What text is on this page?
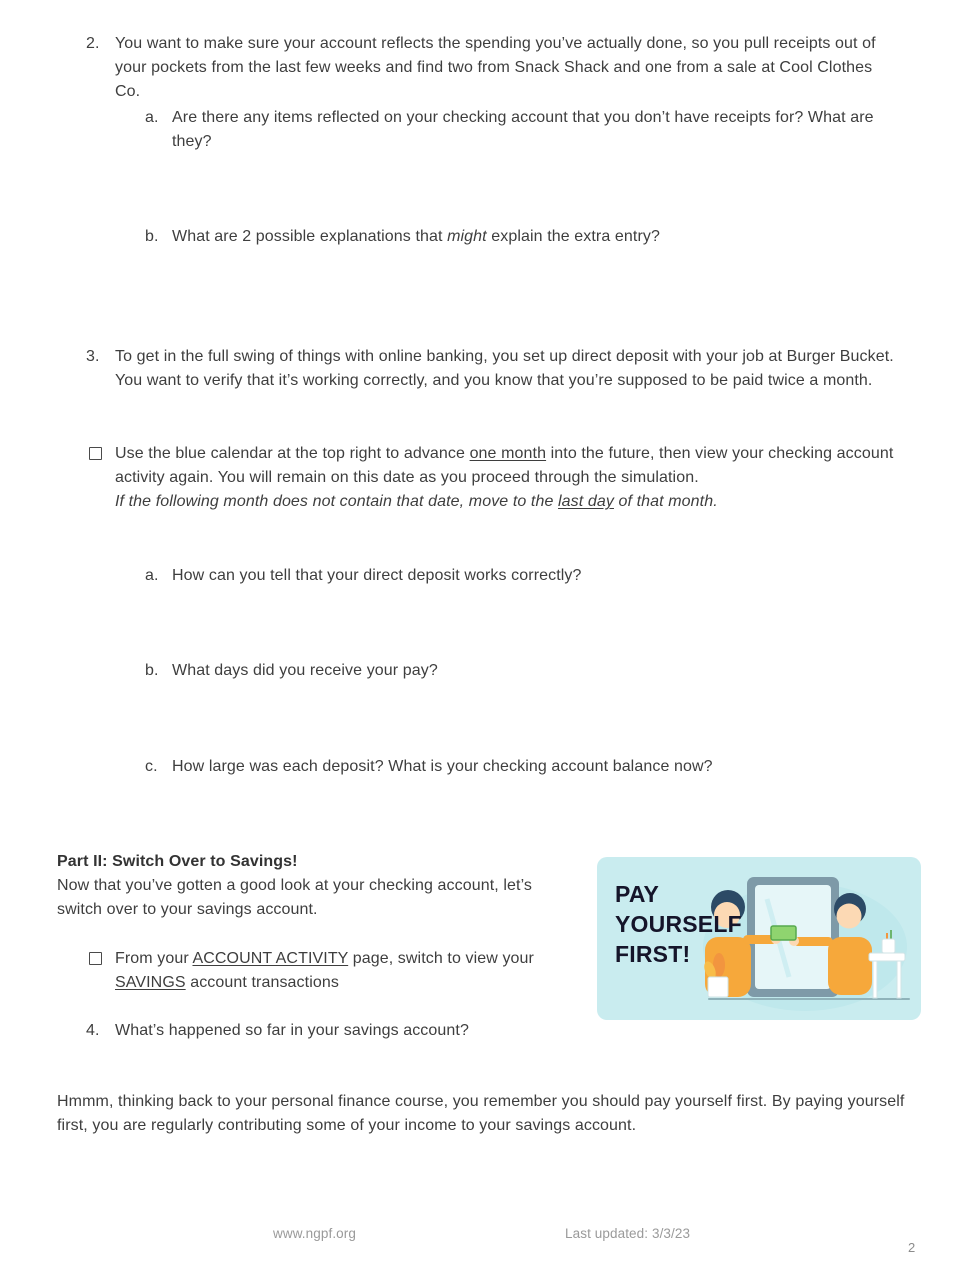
2. You want to make sure your account reflects the spending you’ve actually done, so you pull receipts out of your pockets from the last few weeks and find two from Snack Shack and one from a sale at Cool Clothes Co.
a. Are there any items reflected on your checking account that you don’t have receipts for? What are they?
b. What are 2 possible explanations that might explain the extra entry?
3. To get in the full swing of things with online banking, you set up direct deposit with your job at Burger Bucket. You want to verify that it’s working correctly, and you know that you’re supposed to be paid twice a month.
Use the blue calendar at the top right to advance one month into the future, then view your checking account activity again. You will remain on this date as you proceed through the simulation.
If the following month does not contain that date, move to the last day of that month.
a. How can you tell that your direct deposit works correctly?
b. What days did you receive your pay?
c. How large was each deposit? What is your checking account balance now?
Part II: Switch Over to Savings!
Now that you’ve gotten a good look at your checking account, let’s switch over to your savings account.
From your ACCOUNT ACTIVITY page, switch to view your SAVINGS account transactions
4. What’s happened so far in your savings account?
PAY
YOURSELF
FIRST!
Hmmm, thinking back to your personal finance course, you remember you should pay yourself first. By paying yourself first, you are regularly contributing some of your income to your savings account.
www.ngpf.org	Last updated: 3/3/23
2
